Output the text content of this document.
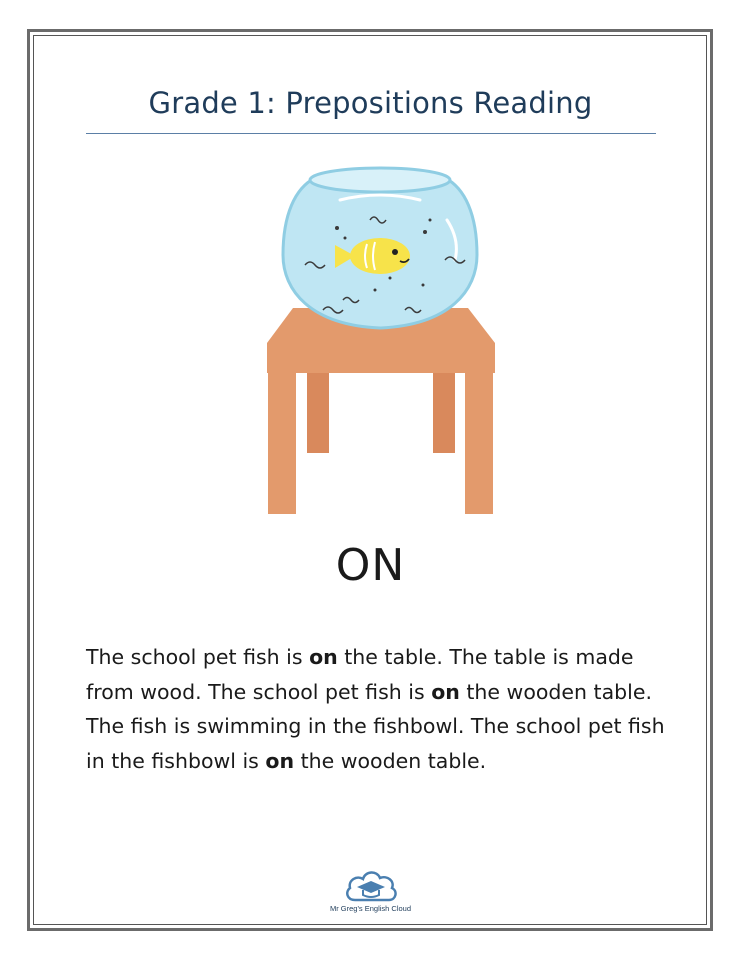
Grade 1: Prepositions Reading
ON
The school pet fish is on the table. The table is made from wood. The school pet fish is on the wooden table. The fish is swimming in the fishbowl. The school pet fish in the fishbowl is on the wooden table.
Mr Greg's English Cloud
